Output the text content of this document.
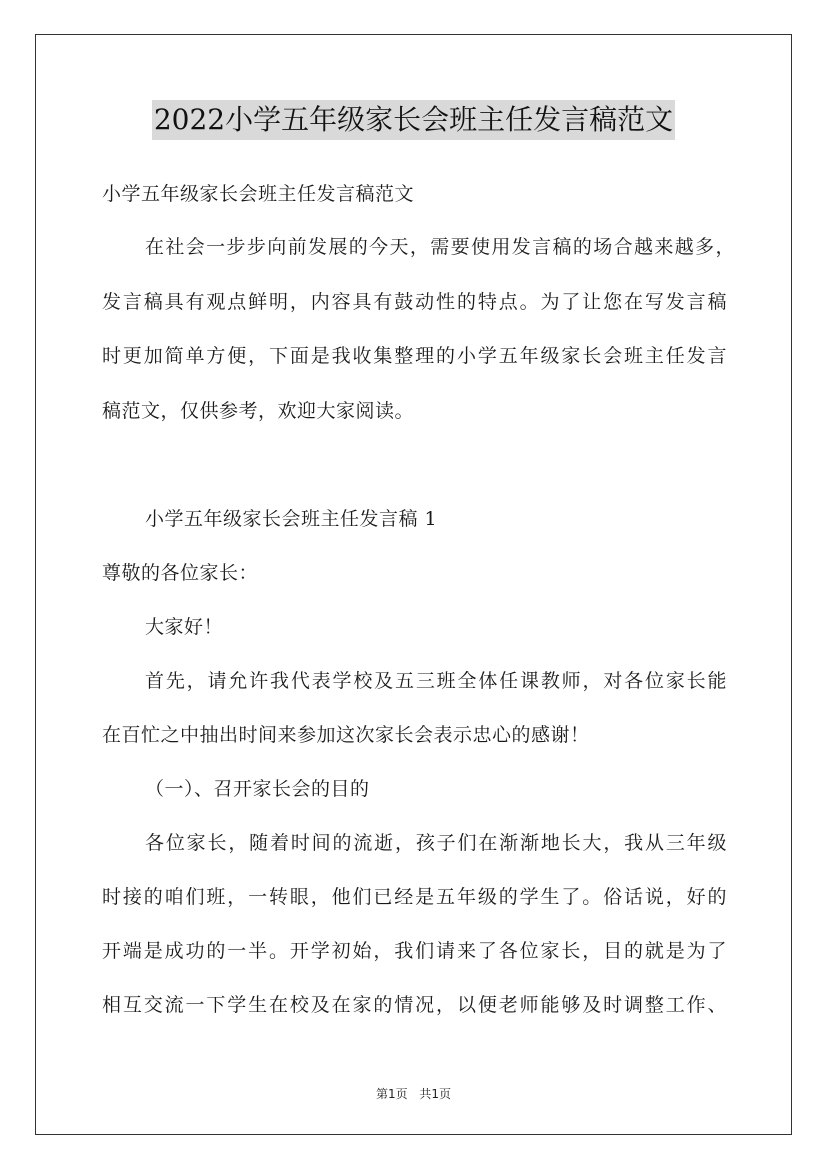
2022小学五年级家长会班主任发言稿范文
小学五年级家长会班主任发言稿范文
在社会一步步向前发展的今天，需要使用发言稿的场合越来越多，
发言稿具有观点鲜明，内容具有鼓动性的特点。为了让您在写发言稿
时更加简单方便，下面是我收集整理的小学五年级家长会班主任发言
稿范文，仅供参考，欢迎大家阅读。
小学五年级家长会班主任发言稿 1
尊敬的各位家长：
大家好！
首先，请允许我代表学校及五三班全体任课教师，对各位家长能
在百忙之中抽出时间来参加这次家长会表示忠心的感谢！
（一）、召开家长会的目的
各位家长，随着时间的流逝，孩子们在渐渐地长大，我从三年级
时接的咱们班，一转眼，他们已经是五年级的学生了。俗话说，好的
开端是成功的一半。开学初始，我们请来了各位家长，目的就是为了
相互交流一下学生在校及在家的情况，以便老师能够及时调整工作、
第1页 共1页
